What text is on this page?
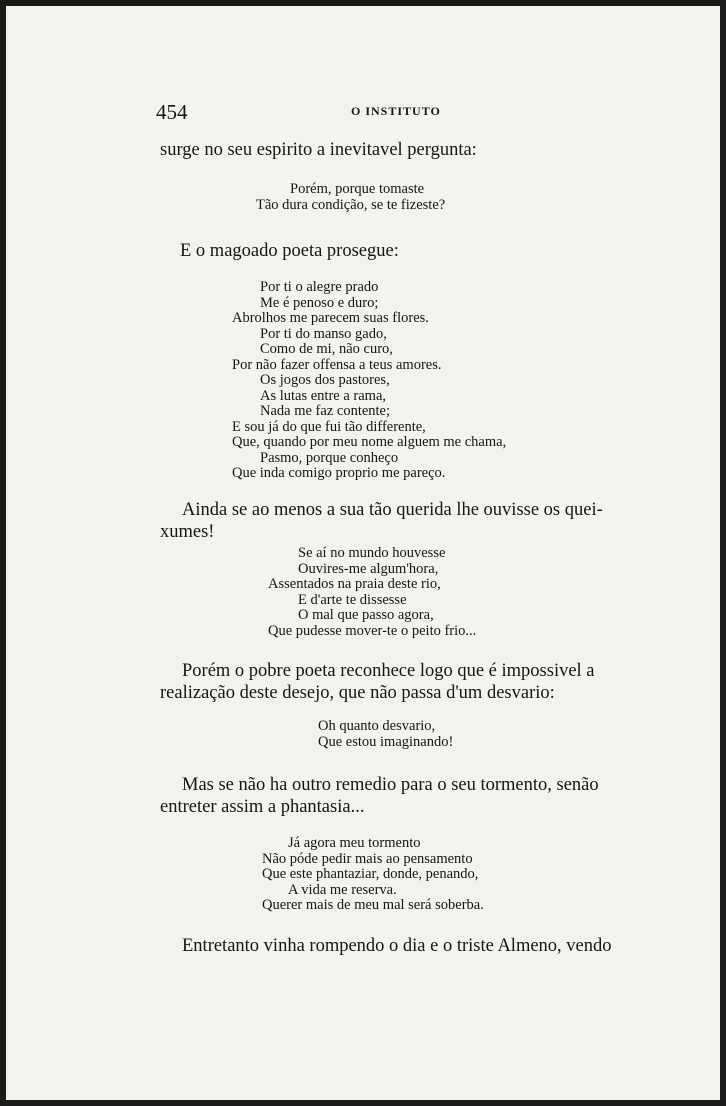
454	O INSTITUTO
surge no seu espirito a inevitavel pergunta:
Porém, porque tomaste
Tão dura condição, se te fizeste?
E o magoado poeta prosegue:
Por ti o alegre prado
Me é penoso e duro;
Abrolhos me parecem suas flores.
Por ti do manso gado,
Como de mi, não curo,
Por não fazer offensa a teus amores.
Os jogos dos pastores,
As lutas entre a rama,
Nada me faz contente;
E sou já do que fui tão differente,
Que, quando por meu nome alguem me chama,
Pasmo, porque conheço
Que inda comigo proprio me pareço.
Ainda se ao menos a sua tão querida lhe ouvisse os quei-
xumes!
Se aí no mundo houvesse
Ouvires-me algum'hora,
Assentados na praia deste rio,
E d'arte te dissesse
O mal que passo agora,
Que pudesse mover-te o peito frio...
Porém o pobre poeta reconhece logo que é impossivel a
realização deste desejo, que não passa d'um desvario:
Oh quanto desvario,
Que estou imaginando!
Mas se não ha outro remedio para o seu tormento, senão
entreter assim a phantasia...
Já agora meu tormento
Não póde pedir mais ao pensamento
Que este phantaziar, donde, penando,
A vida me reserva.
Querer mais de meu mal será soberba.
Entretanto vinha rompendo o dia e o triste Almeno, vendo
